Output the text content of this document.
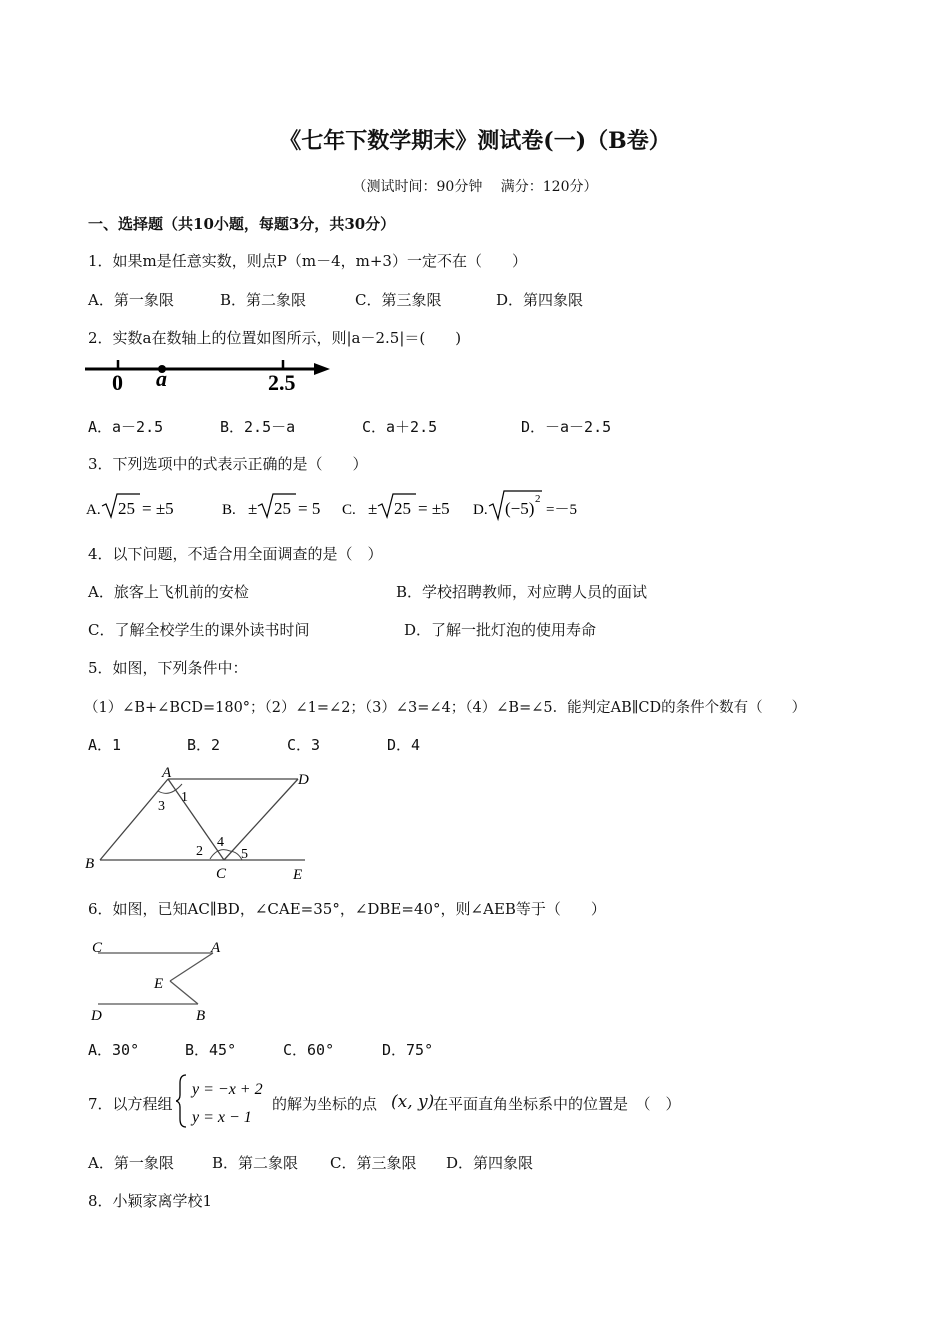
《七年下数学期末》测试卷(一)（B卷）
（测试时间：90分钟　 满分：120分）
一、选择题（共10小题，每题3分，共30分）
1．如果m是任意实数，则点P（m－4，m+3）一定不在（　　）
A．第一象限	B．第二象限	C．第三象限	D．第四象限
2．实数a在数轴上的位置如图所示，则|a－2.5|＝(　　)
0 a	2.5
A．a－2.5	B．2.5－a	C．a＋2.5	D．－a－2.5
3．下列选项中的式表示正确的是（　　）
A. 25 = ±5	B. ± 25 = 5 C. ± 25 = ±5 D. (−5) 2
=－5
4．以下问题，不适合用全面调查的是（　）
A．旅客上飞机前的安检	B．学校招聘教师，对应聘人员的面试
C．了解全校学生的课外读书时间	D．了解一批灯泡的使用寿命
5．如图，下列条件中：
（1）∠B+∠BCD=180°；（2）∠1=∠2；（3）∠3=∠4；（4）∠B=∠5．能判定AB∥CD的条件个数有（　　）
A．1	B．2	C．3	D．4
A	D
B
C	E
1
3
2
4
5
6．如图，已知AC∥BD，∠CAE=35°，∠DBE=40°，则∠AEB等于（　　）
C	A
E
D	B
A．30°	B．45°	C．60°	D．75°
7．以方程组
y = −x + 2
y = x − 1
的解为坐标的点 (x, y)
在平面直角坐标系中的位置是　（　）
A．第一象限	B．第二象限 C．第三象限 D．第四象限
8．小颖家离学校1
